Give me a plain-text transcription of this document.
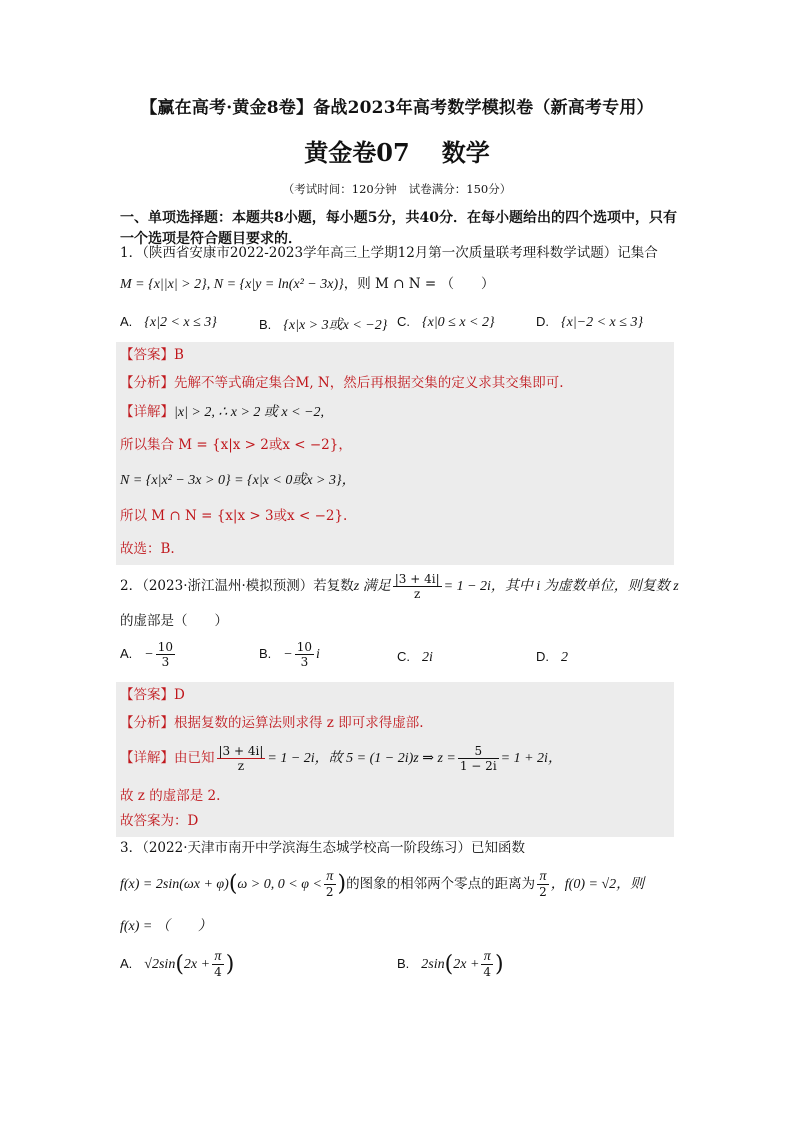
【赢在高考·黄金8卷】备战2023年高考数学模拟卷（新高考专用）
黄金卷07 数学
（考试时间：120分钟 试卷满分：150分）
一、单项选择题：本题共8小题，每小题5分，共40分．在每小题给出的四个选项中，只有一个选项是符合题目要求的．
1．（陕西省安康市2022-2023学年高三上学期12月第一次质量联考理科数学试题）记集合
M = {x||x| > 2}, N = {x|y = ln(x² − 3x)}，则 M ∩ N = （　　）
A. {x|2 < x ≤ 3}	B. {x|x > 3或x < −2} C. {x|0 ≤ x < 2}	D. {x|−2 < x ≤ 3}
【答案】B
【分析】先解不等式确定集合M, N，然后再根据交集的定义求其交集即可.
【详解】|x| > 2, ∴ x > 2 或 x < −2,
所以集合 M = {x|x > 2或x < −2}，
N = {x|x² − 3x > 0} = {x|x < 0或x > 3}，
所以 M ∩ N = {x|x > 3或x < −2}.
故选：B.
2．（2023·浙江温州·模拟预测）若复数z 满足 $\frac{|3 + 4i|}{z} = 1 - 2i$，其中 i 为虚数单位，则复数 z
的虚部是（　　）
A. − $\frac{10}{3}$	B. − $\frac{10}{3}$ i	C. 2i	D. 2
【答案】D
【分析】根据复数的运算法则求得 z 即可求得虚部.
【详解】由已知 $\frac{|3 + 4i|}{z} = 1 - 2i$，故 5 = (1 − 2i)z ⇒ $z = \frac{5}{1 - 2i} = 1 + 2i$，
故 z 的虚部是 2.
故答案为：D
3．（2022·天津市南开中学滨海生态城学校高一阶段练习）已知函数
f(x) = 2sin(ωx + φ)(ω > 0, $0 < \varphi < \frac{\pi}{2}$ )的图象的相邻两个零点的距离为 $\frac{\pi}{2}$ ，f(0) = √2，则
f(x) = （　　）
A. $√2\sin(2x + \frac{\pi}{4}$ )	B. $2\sin(2x + \frac{\pi}{4}$ )
